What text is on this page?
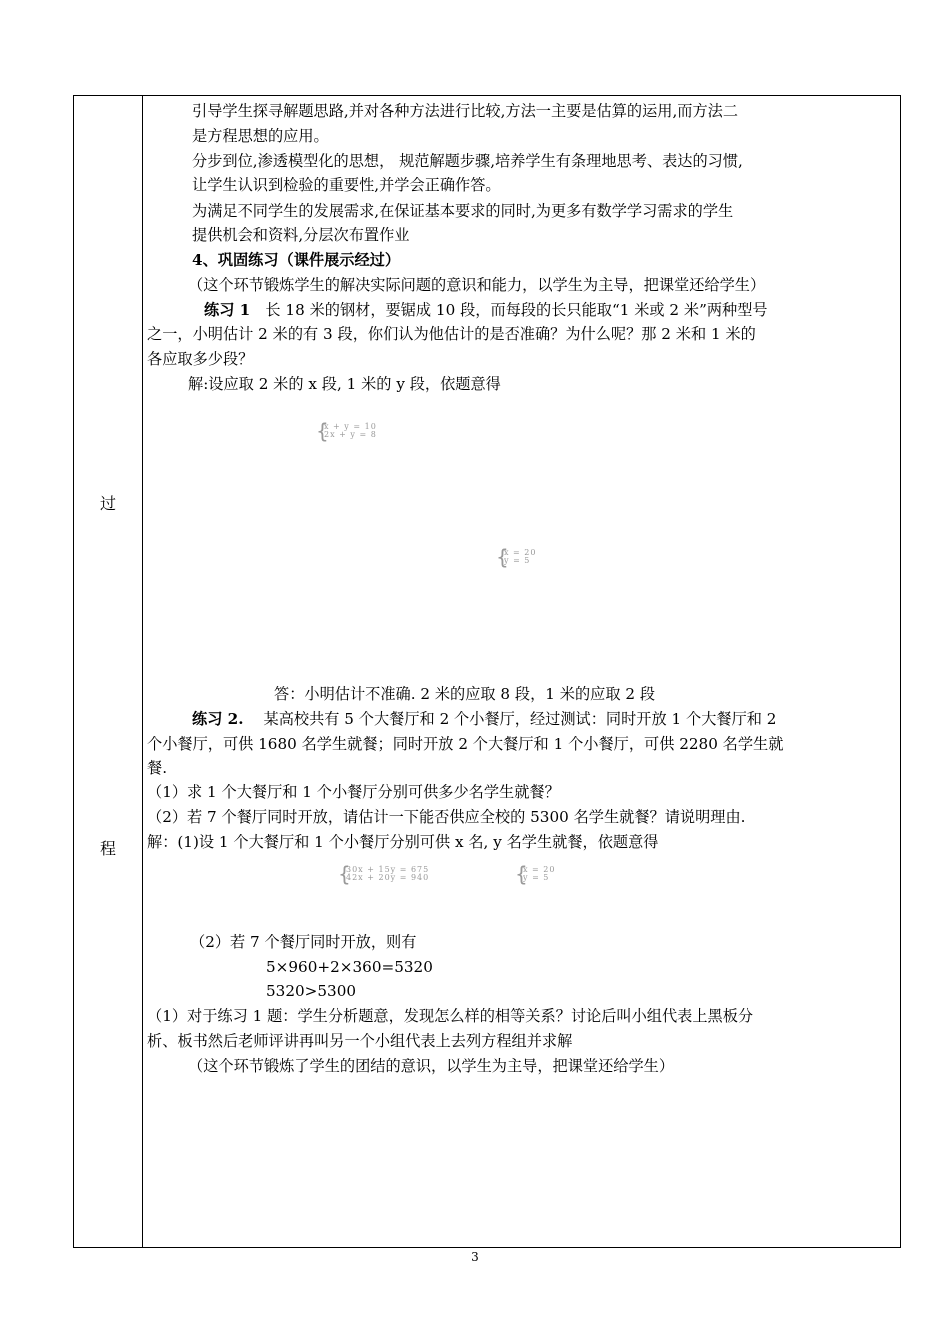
过
程
引导学生探寻解题思路,并对各种方法进行比较,方法一主要是估算的运用,而方法二
是方程思想的应用。
分步到位,渗透模型化的思想， 规范解题步骤,培养学生有条理地思考、表达的习惯,
让学生认识到检验的重要性,并学会正确作答。
为满足不同学生的发展需求,在保证基本要求的同时,为更多有数学学习需求的学生
提供机会和资料,分层次布置作业
4、巩固练习（课件展示经过）
（这个环节锻炼学生的解决实际问题的意识和能力，以学生为主导，把课堂还给学生）
练习 1　长 18 米的钢材，要锯成 10 段，而每段的长只能取“1 米或 2 米”两种型号
之一，小明估计 2 米的有 3 段，你们认为他估计的是否准确？为什么呢？那 2 米和 1 米的
各应取多少段？
解:设应取 2 米的 x 段, 1 米的 y 段，依题意得
{
x + y = 10
2x + y = 8
{
x = 20
y = 5
答：小明估计不准确. 2 米的应取 8 段，1 米的应取 2 段
练习 2.　 某高校共有 5 个大餐厅和 2 个小餐厅，经过测试：同时开放 1 个大餐厅和 2
个小餐厅，可供 1680 名学生就餐；同时开放 2 个大餐厅和 1 个小餐厅，可供 2280 名学生就
餐.
（1）求 1 个大餐厅和 1 个小餐厅分别可供多少名学生就餐？
（2）若 7 个餐厅同时开放，请估计一下能否供应全校的 5300 名学生就餐？请说明理由.
解：(1)设 1 个大餐厅和 1 个小餐厅分别可供 x 名, y 名学生就餐，依题意得
{
30x + 15y = 675
42x + 20y = 940	{
x = 20
y = 5
（2）若 7 个餐厅同时开放，则有
5×960+2×360=5320
5320>5300
（1）对于练习 1 题：学生分析题意，发现怎么样的相等关系？讨论后叫小组代表上黑板分
析、板书然后老师评讲再叫另一个小组代表上去列方程组并求解
（这个环节锻炼了学生的团结的意识，以学生为主导，把课堂还给学生）
3
